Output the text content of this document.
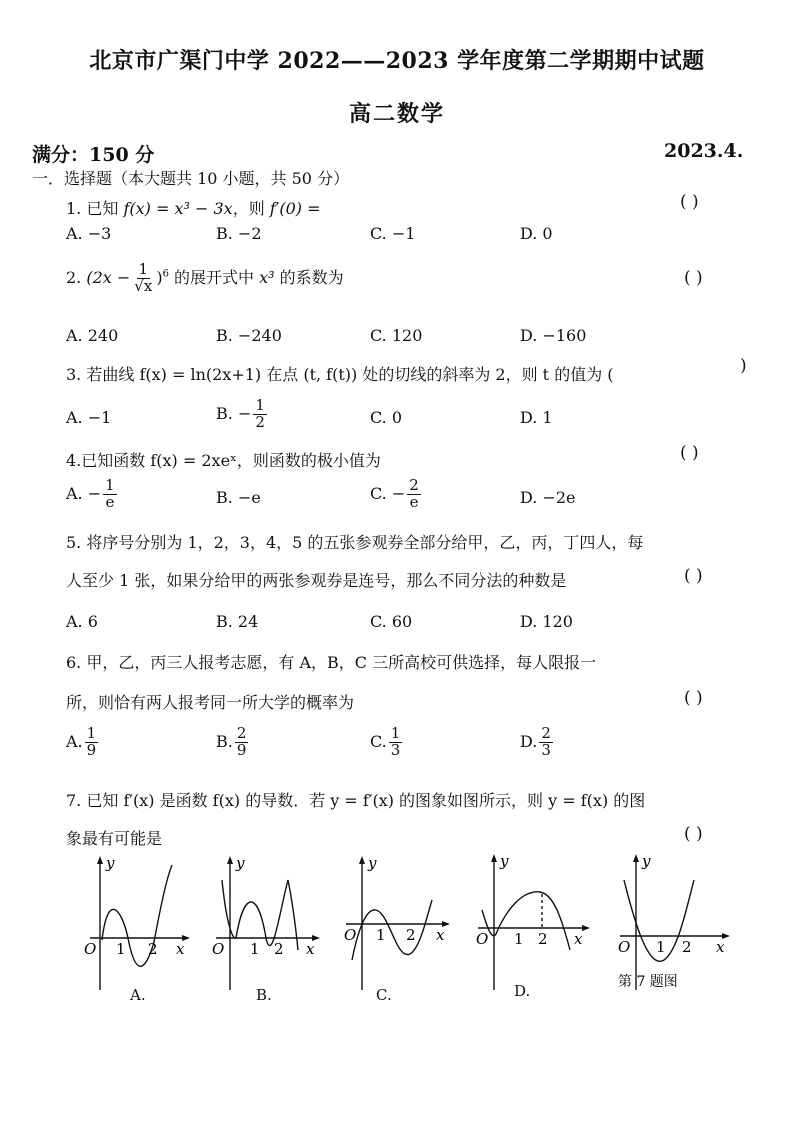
北京市广渠门中学 2022——2023 学年度第二学期期中试题
高二数学
满分：150 分	2023.4.
一．选择题（本大题共 10 小题，共 50 分）
1. 已知 f(x) = x³ − 3x，则 f′(0) =	( )
A. −3	B. −2	C. −1	D. 0
2. $(2x - \frac{1}{√x} )^6$ 的展开式中 x³ 的系数为	( )
A. 240	B. −240	C. 120	D. −160
3. 若曲线 f(x) = ln(2x+1) 在点 (t, f(t)) 处的切线的斜率为 2，则 t 的值为 (	)
A. −1	B. − $\frac{1}{2}$	C. 0	D. 1
4.已知函数 f(x) = 2xeˣ，则函数的极小值为	( )
A. − $\frac{1}{e}$	B. −e	C. − $\frac{2}{e}$	D. −2e
5. 将序号分别为 1，2，3，4，5 的五张参观券全部分给甲，乙，丙，丁四人，每
人至少 1 张，如果分给甲的两张参观券是连号，那么不同分法的种数是	( )
A. 6	B. 24	C. 60	D. 120
6. 甲，乙，丙三人报考志愿，有 A，B，C 三所高校可供选择，每人限报一
所，则恰有两人报考同一所大学的概率为	( )
A. $\frac{1}{9}$	B. $\frac{2}{9}$	C. $\frac{1}{3}$	D. $\frac{2}{3}$
7. 已知 f′(x) 是函数 f(x) 的导数．若 y = f′(x) 的图象如图所示，则 y = f(x) 的图
象最有可能是	( )
y
O 1 2 x
y
O 1 2 x
y
O 1 2 x
y
O 1 2 x
y
O 1 2 x
第 7 题图
A.	B.	C.	D.
